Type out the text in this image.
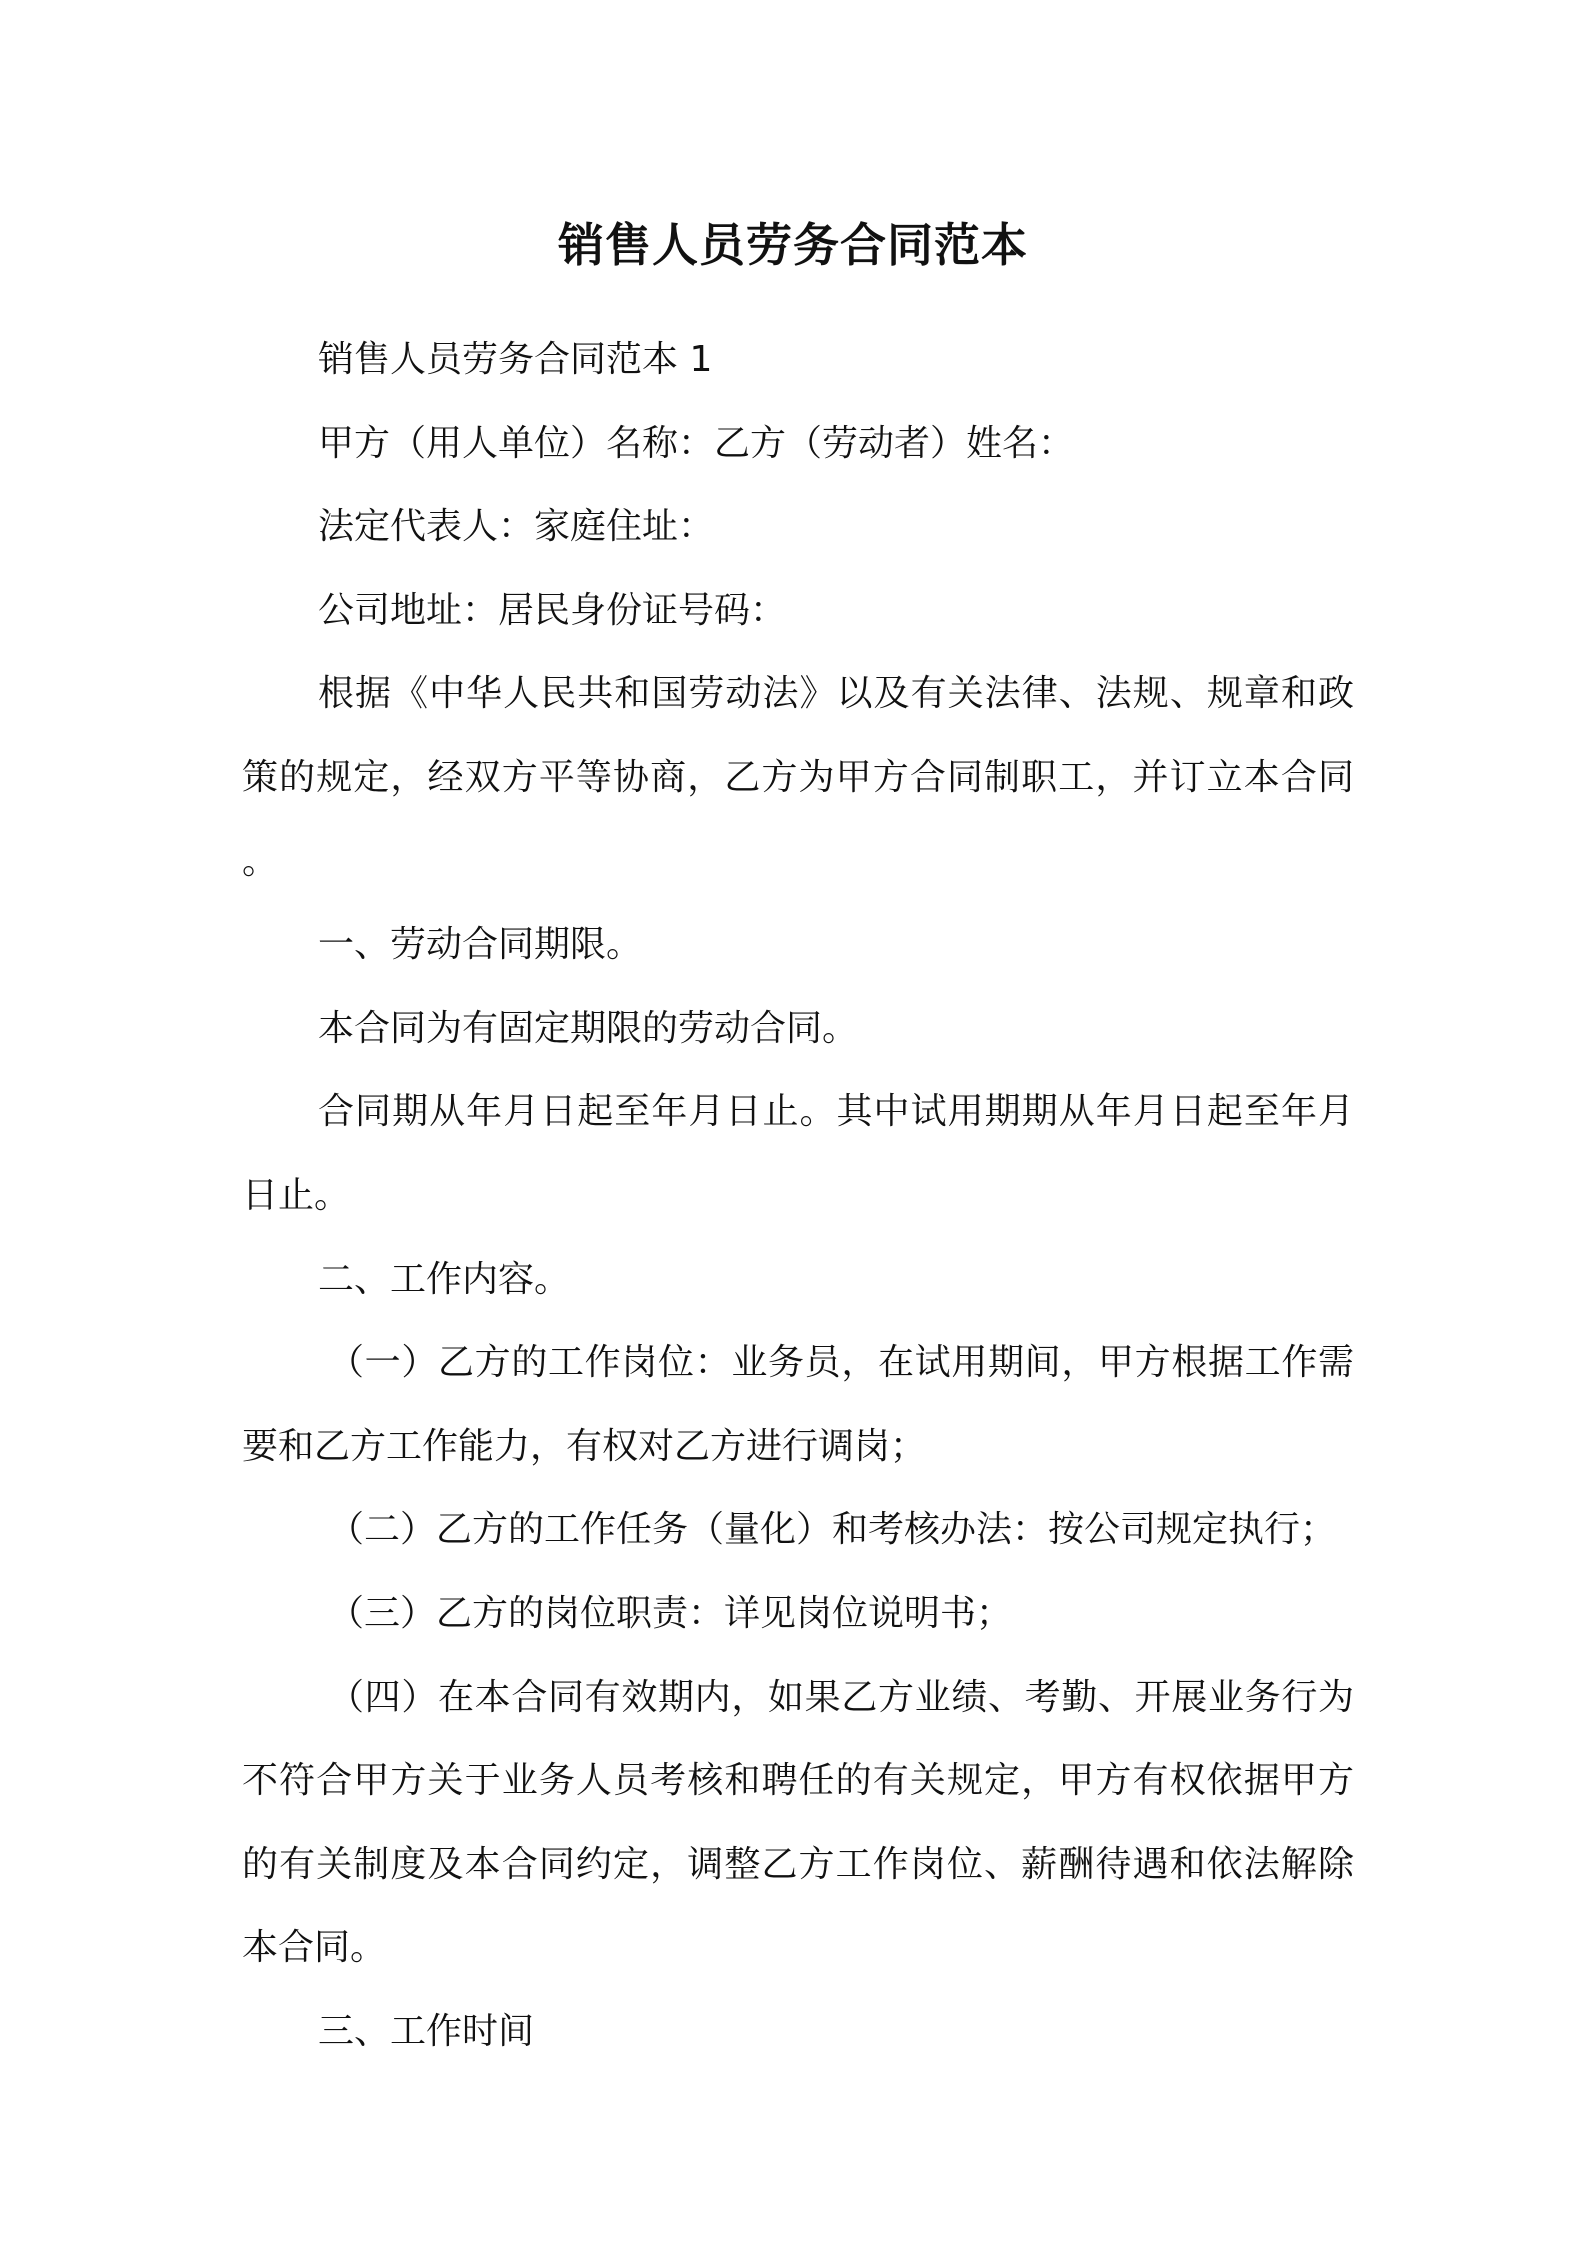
销售人员劳务合同范本

销售人员劳务合同范本 1

甲方（用人单位）名称：乙方（劳动者）姓名：

法定代表人：家庭住址：

公司地址：居民身份证号码：

根据《中华人民共和国劳动法》以及有关法律、法规、规章和政策的规定，经双方平等协商，乙方为甲方合同制职工，并订立本合同。

一、劳动合同期限。

本合同为有固定期限的劳动合同。

合同期从年月日起至年月日止。其中试用期期从年月日起至年月日止。

二、工作内容。

（一）乙方的工作岗位：业务员，在试用期间，甲方根据工作需要和乙方工作能力，有权对乙方进行调岗；

（二）乙方的工作任务（量化）和考核办法：按公司规定执行；

（三）乙方的岗位职责：详见岗位说明书；

（四）在本合同有效期内，如果乙方业绩、考勤、开展业务行为不符合甲方关于业务人员考核和聘任的有关规定，甲方有权依据甲方的有关制度及本合同约定，调整乙方工作岗位、薪酬待遇和依法解除本合同。

三、工作时间
